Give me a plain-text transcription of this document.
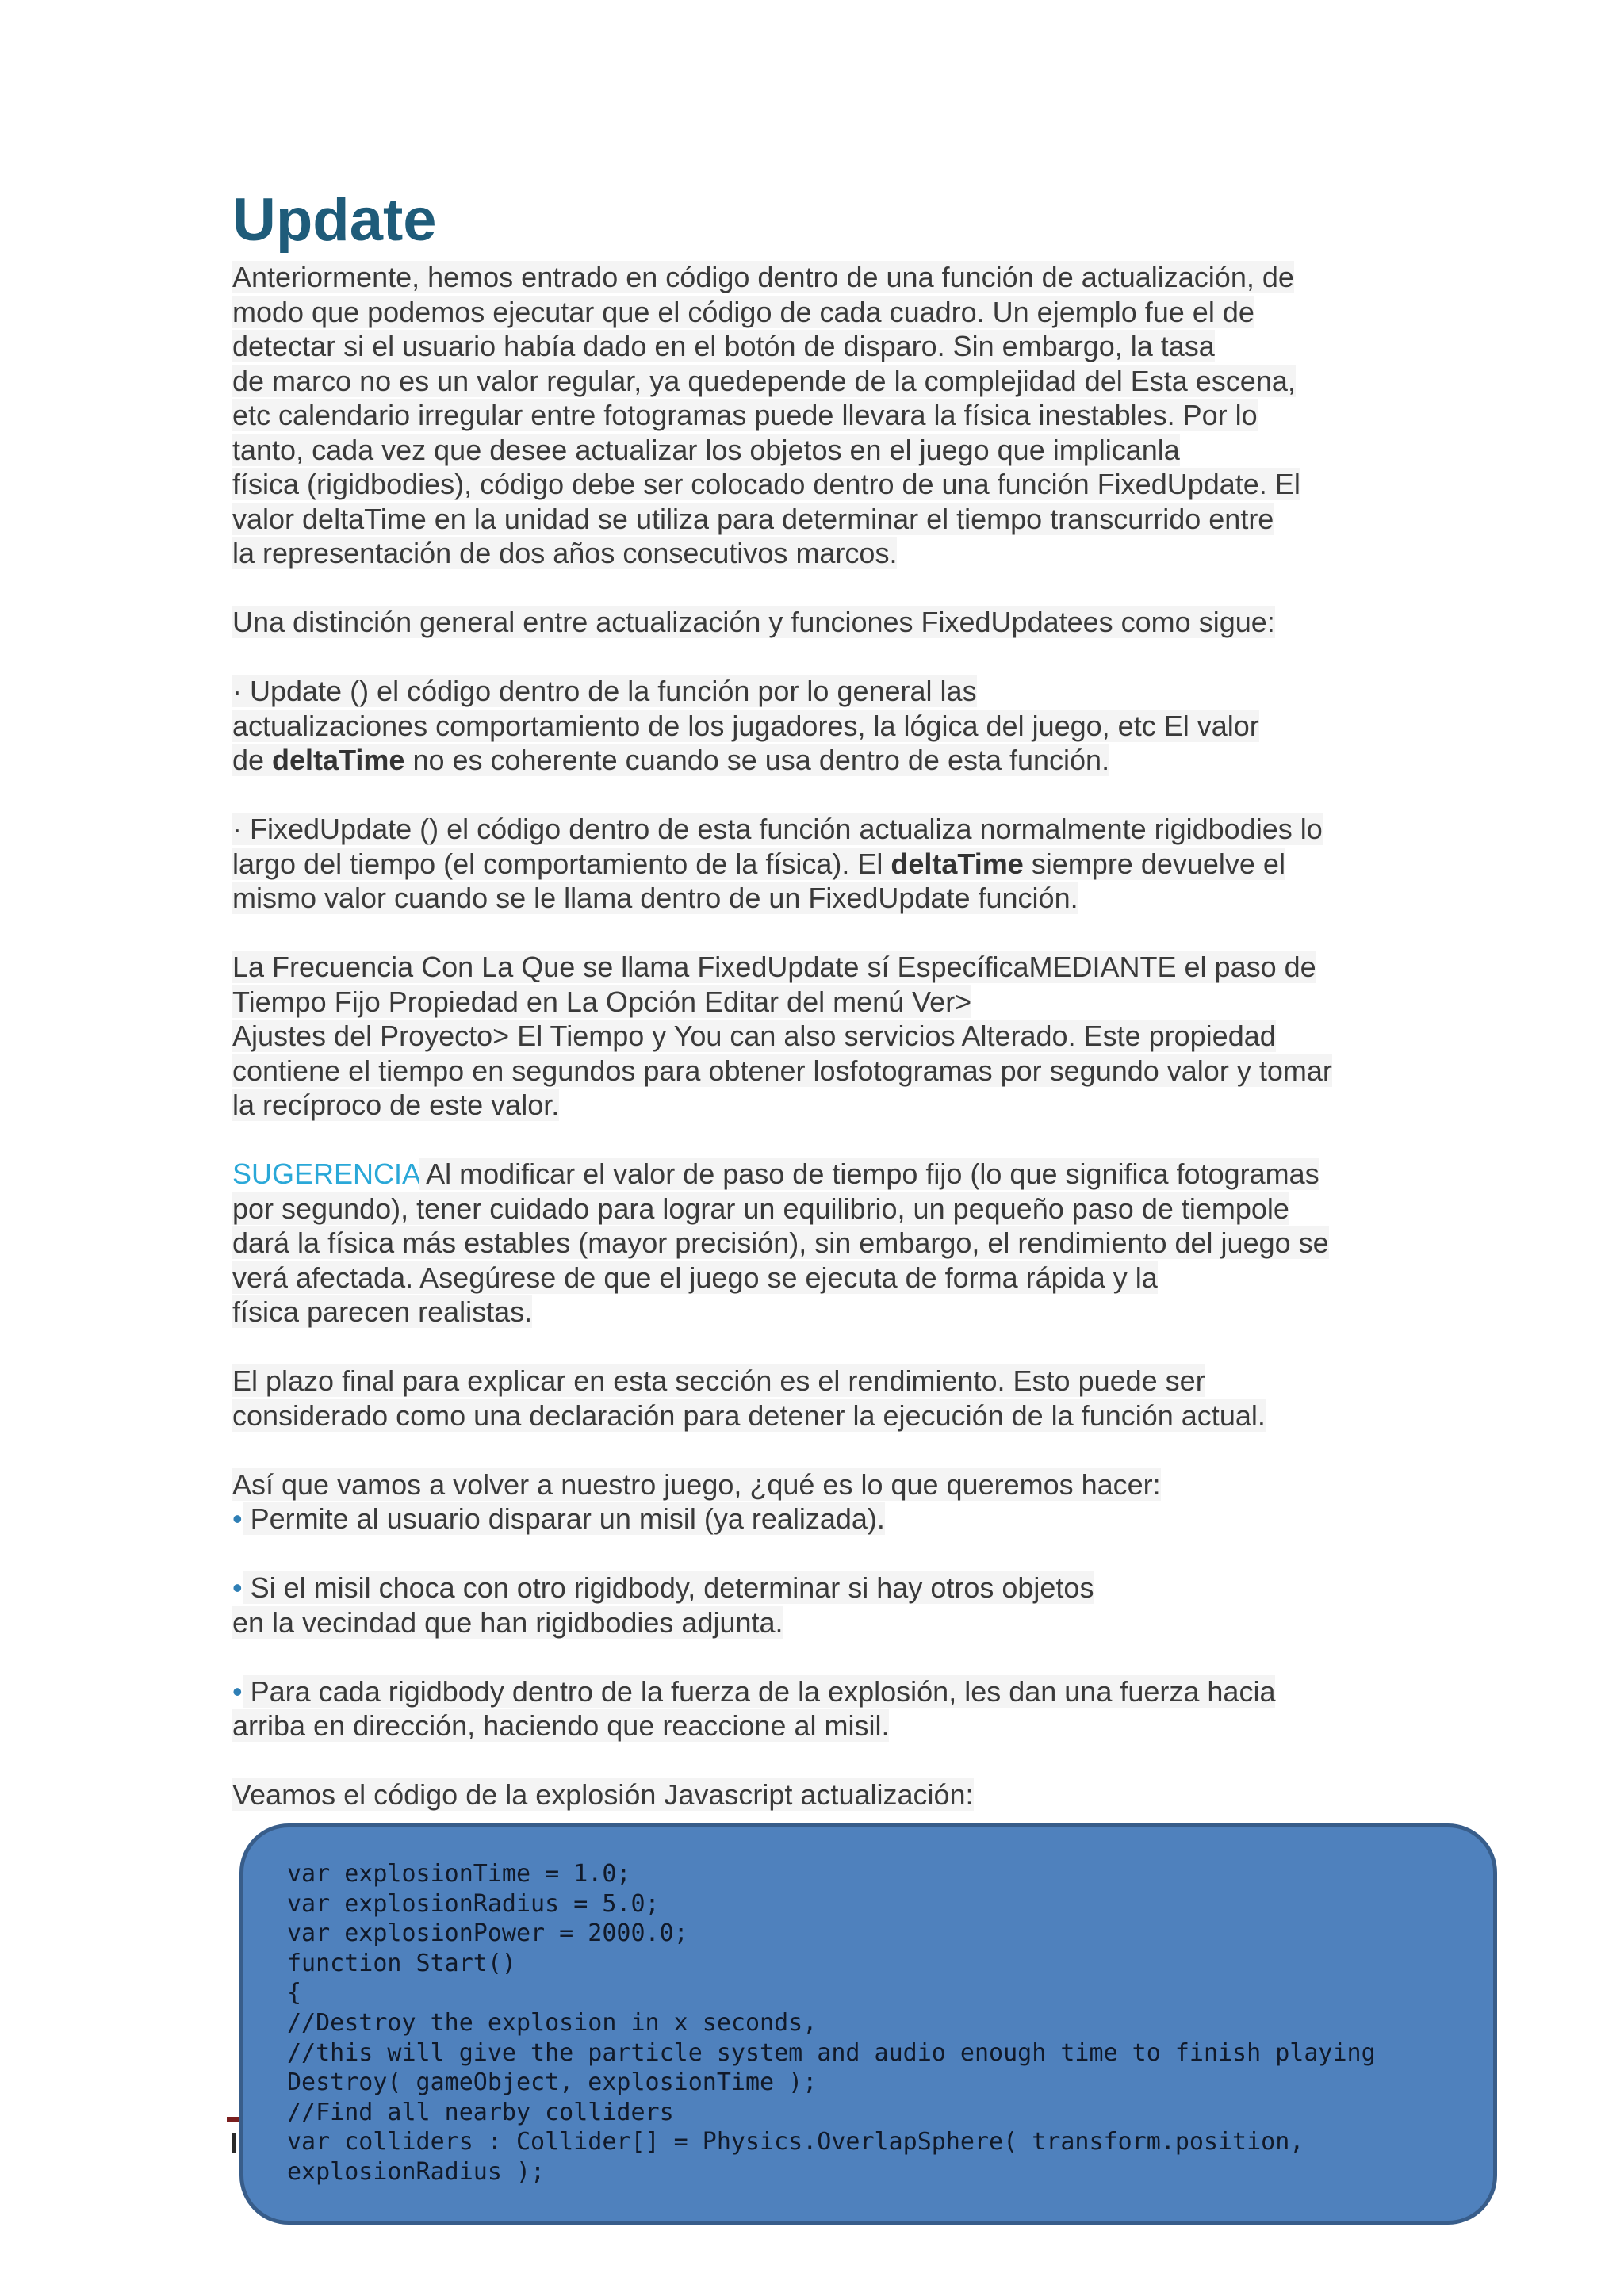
Update

Anteriormente, hemos entrado en código dentro de una función de actualización, de
modo que podemos ejecutar que el código de cada cuadro. Un ejemplo fue el de
detectar si el usuario había dado en el botón de disparo. Sin embargo, la tasa
de marco no es un valor regular, ya quedepende de la complejidad del Esta escena,
etc calendario irregular entre fotogramas puede llevara la física inestables. Por lo
tanto, cada vez que desee actualizar los objetos en el juego que implicanla
física (rigidbodies), código debe ser colocado dentro de una función FixedUpdate. El
valor deltaTime en la unidad se utiliza para determinar el tiempo transcurrido entre
la representación de dos años consecutivos marcos.

Una distinción general entre actualización y funciones FixedUpdatees como sigue:

· Update () el código dentro de la función por lo general las
actualizaciones comportamiento de los jugadores, la lógica del juego, etc El valor
de deltaTime no es coherente cuando se usa dentro de esta función.

· FixedUpdate () el código dentro de esta función actualiza normalmente rigidbodies lo
largo del tiempo (el comportamiento de la física). El deltaTime siempre devuelve el
mismo valor cuando se le llama dentro de un FixedUpdate función.

La Frecuencia Con La Que se llama FixedUpdate sí EspecíficaMEDIANTE el paso de
Tiempo Fijo Propiedad en La Opción Editar del menú Ver>
Ajustes del Proyecto> El Tiempo y You can also servicios Alterado. Este propiedad
contiene el tiempo en segundos para obtener losfotogramas por segundo valor y tomar
la recíproco de este valor.

SUGERENCIA Al modificar el valor de paso de tiempo fijo (lo que significa fotogramas
por segundo), tener cuidado para lograr un equilibrio, un pequeño paso de tiempole
dará la física más estables (mayor precisión), sin embargo, el rendimiento del juego se
verá afectada. Asegúrese de que el juego se ejecuta de forma rápida y la
física parecen realistas.

El plazo final para explicar en esta sección es el rendimiento. Esto puede ser
considerado como una declaración para detener la ejecución de la función actual.

Así que vamos a volver a nuestro juego, ¿qué es lo que queremos hacer:
• Permite al usuario disparar un misil (ya realizada).

• Si el misil choca con otro rigidbody, determinar si hay otros objetos
en la vecindad que han rigidbodies adjunta.

• Para cada rigidbody dentro de la fuerza de la explosión, les dan una fuerza hacia
arriba en dirección, haciendo que reaccione al misil.

Veamos el código de la explosión Javascript actualización:

var explosionTime = 1.0;
var explosionRadius = 5.0;
var explosionPower = 2000.0;
function Start()
{
//Destroy the explosion in x seconds,
//this will give the particle system and audio enough time to finish playing
Destroy( gameObject, explosionTime );
//Find all nearby colliders
var colliders : Collider[] = Physics.OverlapSphere( transform.position,
explosionRadius );
